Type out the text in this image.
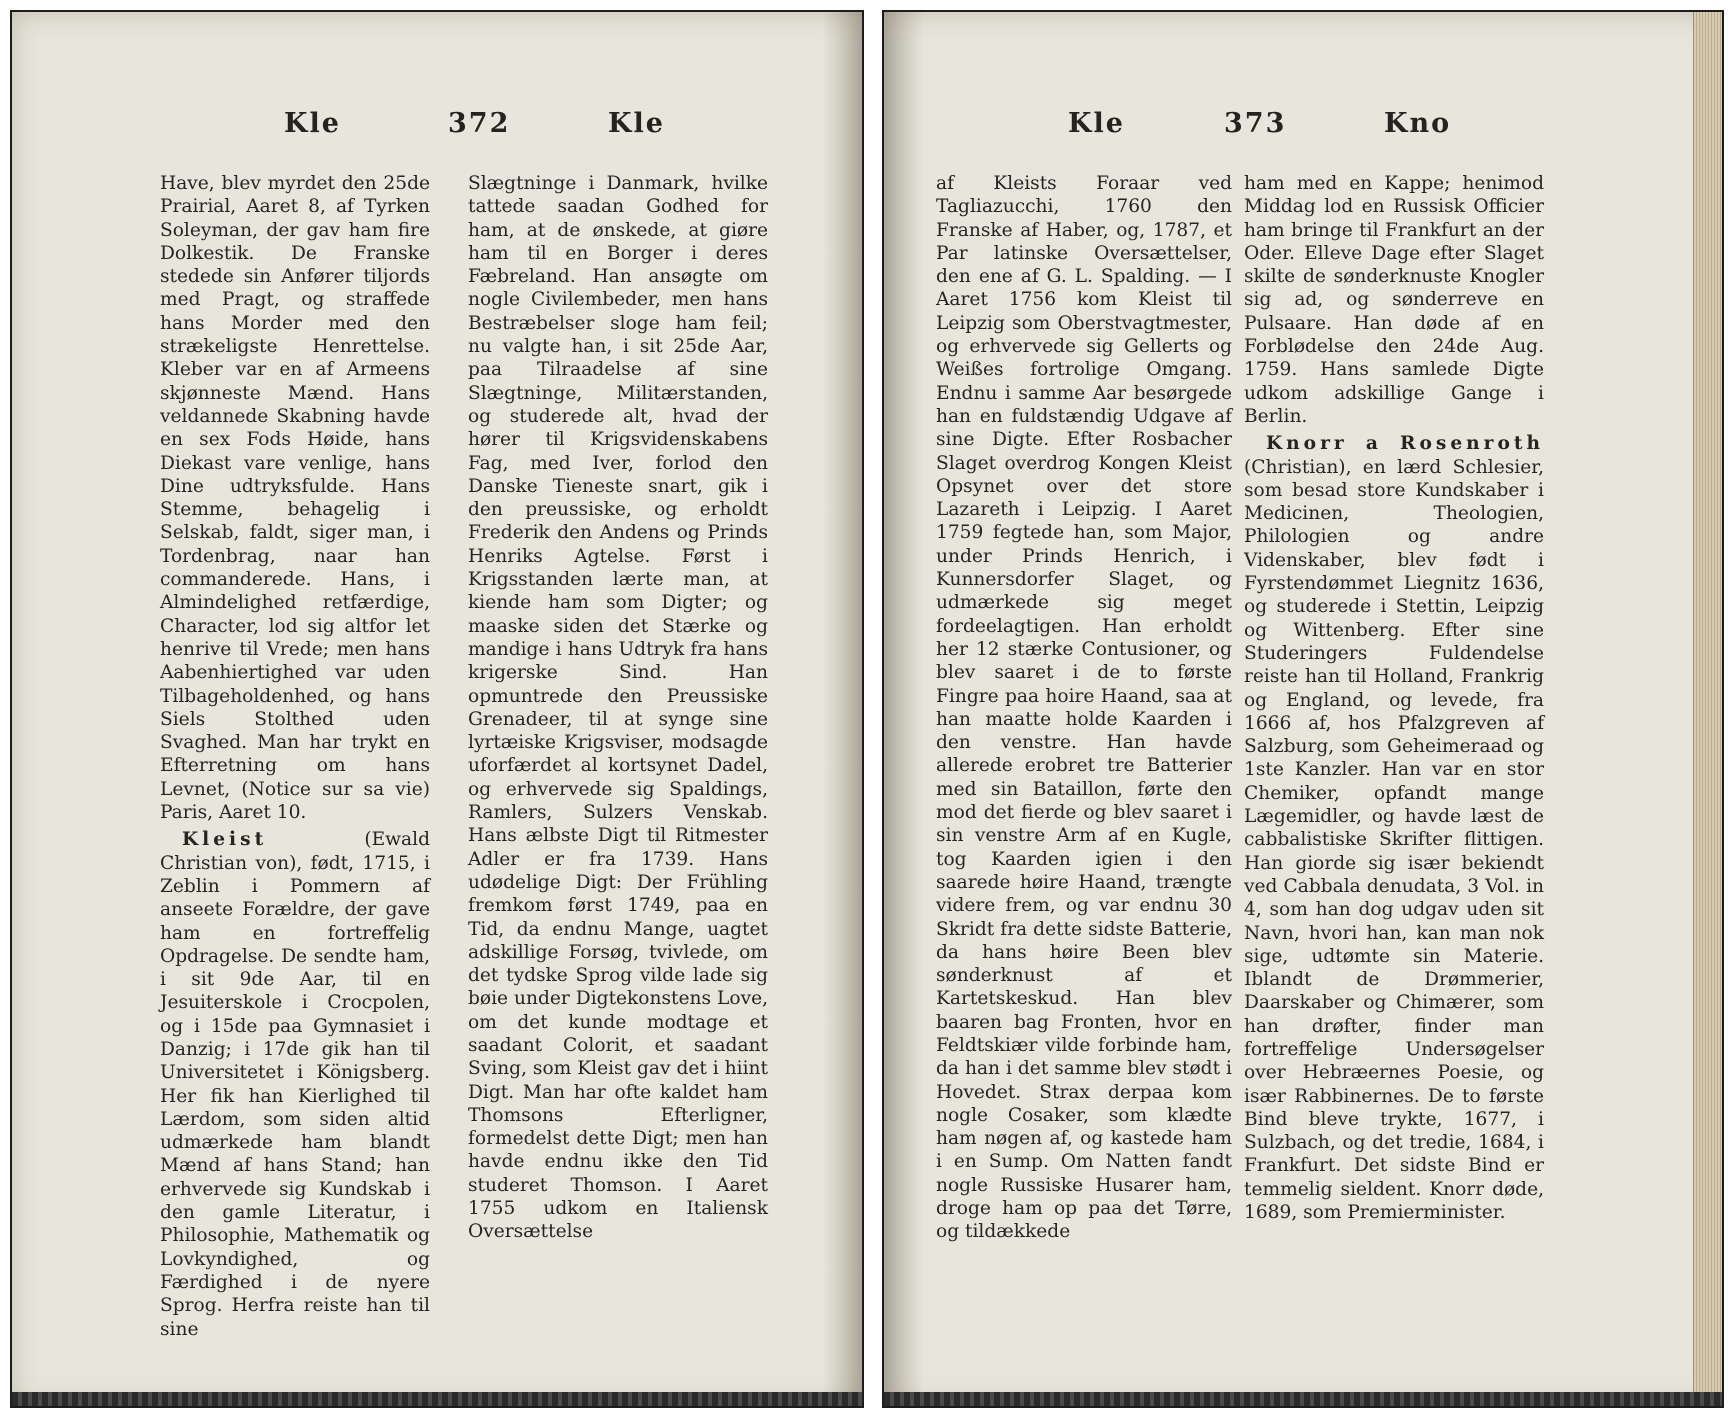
Kle	372	Kle

Have, blev myrdet den 25de Prairial, Aaret 8, af Tyrken Soleyman, der gav ham fire Dolkestik. De Franske stedede sin Anfører tiljords med Pragt, og straffede hans Morder med den strækeligste Henrettelse. Kleber var en af Armeens skjønneste Mænd. Hans veldannede Skabning havde en sex Fods Høide, hans Diekast vare venlige, hans Dine udtryksfulde. Hans Stemme, behagelig i Selskab, faldt, siger man, i Tordenbrag, naar han commanderede. Hans, i Almindelighed retfærdige, Character, lod sig altfor let henrive til Vrede; men hans Aabenhiertighed var uden Tilbageholdenhed, og hans Siels Stolthed uden Svaghed. Man har trykt en Efterretning om hans Levnet, (Notice sur sa vie) Paris, Aaret 10.

Kleist (Ewald Christian von), født, 1715, i Zeblin i Pommern af anseete Forældre, der gave ham en fortreffelig Opdragelse. De sendte ham, i sit 9de Aar, til en Jesuiterskole i Crocpolen, og i 15de paa Gymnasiet i Danzig; i 17de gik han til Universitetet i Königsberg. Her fik han Kierlighed til Lærdom, som siden altid udmærkede ham blandt Mænd af hans Stand; han erhvervede sig Kundskab i den gamle Literatur, i Philosophie, Mathematik og Lovkyndighed, og Færdighed i de nyere Sprog. Herfra reiste han til sine

Slægtninge i Danmark, hvilke tattede saadan Godhed for ham, at de ønskede, at giøre ham til en Borger i deres Fæbreland. Han ansøgte om nogle Civilembeder, men hans Bestræbelser sloge ham feil; nu valgte han, i sit 25de Aar, paa Tilraadelse af sine Slægtninge, Militærstanden, og studerede alt, hvad der hører til Krigsvidenskabens Fag, med Iver, forlod den Danske Tieneste snart, gik i den preussiske, og erholdt Frederik den Andens og Prinds Henriks Agtelse. Først i Krigsstanden lærte man, at kiende ham som Digter; og maaske siden det Stærke og mandige i hans Udtryk fra hans krigerske Sind. Han opmuntrede den Preussiske Grenadeer, til at synge sine lyrtæiske Krigsviser, modsagde uforfærdet al kortsynet Dadel, og erhvervede sig Spaldings, Ramlers, Sulzers Venskab. Hans ælbste Digt til Ritmester Adler er fra 1739. Hans udødelige Digt: Der Frühling fremkom først 1749, paa en Tid, da endnu Mange, uagtet adskillige Forsøg, tvivlede, om det tydske Sprog vilde lade sig bøie under Digtekonstens Love, om det kunde modtage et saadant Colorit, et saadant Sving, som Kleist gav det i hiint Digt. Man har ofte kaldet ham Thomsons Efterligner, formedelst dette Digt; men han havde endnu ikke den Tid studeret Thomson. I Aaret 1755 udkom en Italiensk Oversættelse

Kle	373	Kno

af Kleists Foraar ved Tagliazucchi, 1760 den Franske af Haber, og, 1787, et Par latinske Oversættelser, den ene af G. L. Spalding. — I Aaret 1756 kom Kleist til Leipzig som Oberstvagtmester, og erhvervede sig Gellerts og Weißes fortrolige Omgang. Endnu i samme Aar besørgede han en fuldstændig Udgave af sine Digte. Efter Rosbacher Slaget overdrog Kongen Kleist Opsynet over det store Lazareth i Leipzig. I Aaret 1759 fegtede han, som Major, under Prinds Henrich, i Kunnersdorfer Slaget, og udmærkede sig meget fordeelagtigen. Han erholdt her 12 stærke Contusioner, og blev saaret i de to første Fingre paa hoire Haand, saa at han maatte holde Kaarden i den venstre. Han havde allerede erobret tre Batterier med sin Bataillon, førte den mod det fierde og blev saaret i sin venstre Arm af en Kugle, tog Kaarden igien i den saarede høire Haand, trængte videre frem, og var endnu 30 Skridt fra dette sidste Batterie, da hans høire Been blev sønderknust af et Kartetskeskud. Han blev baaren bag Fronten, hvor en Feldtskiær vilde forbinde ham, da han i det samme blev stødt i Hovedet. Strax derpaa kom nogle Cosaker, som klædte ham nøgen af, og kastede ham i en Sump. Om Natten fandt nogle Russiske Husarer ham, droge ham op paa det Tørre, og tildækkede

ham med en Kappe; henimod Middag lod en Russisk Officier ham bringe til Frankfurt an der Oder. Elleve Dage efter Slaget skilte de sønderknuste Knogler sig ad, og sønderreve en Pulsaare. Han døde af en Forblødelse den 24de Aug. 1759. Hans samlede Digte udkom adskillige Gange i Berlin.

Knorr a Rosenroth (Christian), en lærd Schlesier, som besad store Kundskaber i Medicinen, Theologien, Philologien og andre Videnskaber, blev født i Fyrstendømmet Liegnitz 1636, og studerede i Stettin, Leipzig og Wittenberg. Efter sine Studeringers Fuldendelse reiste han til Holland, Frankrig og England, og levede, fra 1666 af, hos Pfalzgreven af Salzburg, som Geheimeraad og 1ste Kanzler. Han var en stor Chemiker, opfandt mange Lægemidler, og havde læst de cabbalistiske Skrifter flittigen. Han giorde sig især bekiendt ved Cabbala denudata, 3 Vol. in 4, som han dog udgav uden sit Navn, hvori han, kan man nok sige, udtømte sin Materie. Iblandt de Drømmerier, Daarskaber og Chimærer, som han drøfter, finder man fortreffelige Undersøgelser over Hebræernes Poesie, og især Rabbinernes. De to første Bind bleve trykte, 1677, i Sulzbach, og det tredie, 1684, i Frankfurt. Det sidste Bind er temmelig sieldent. Knorr døde, 1689, som Premierminister.
